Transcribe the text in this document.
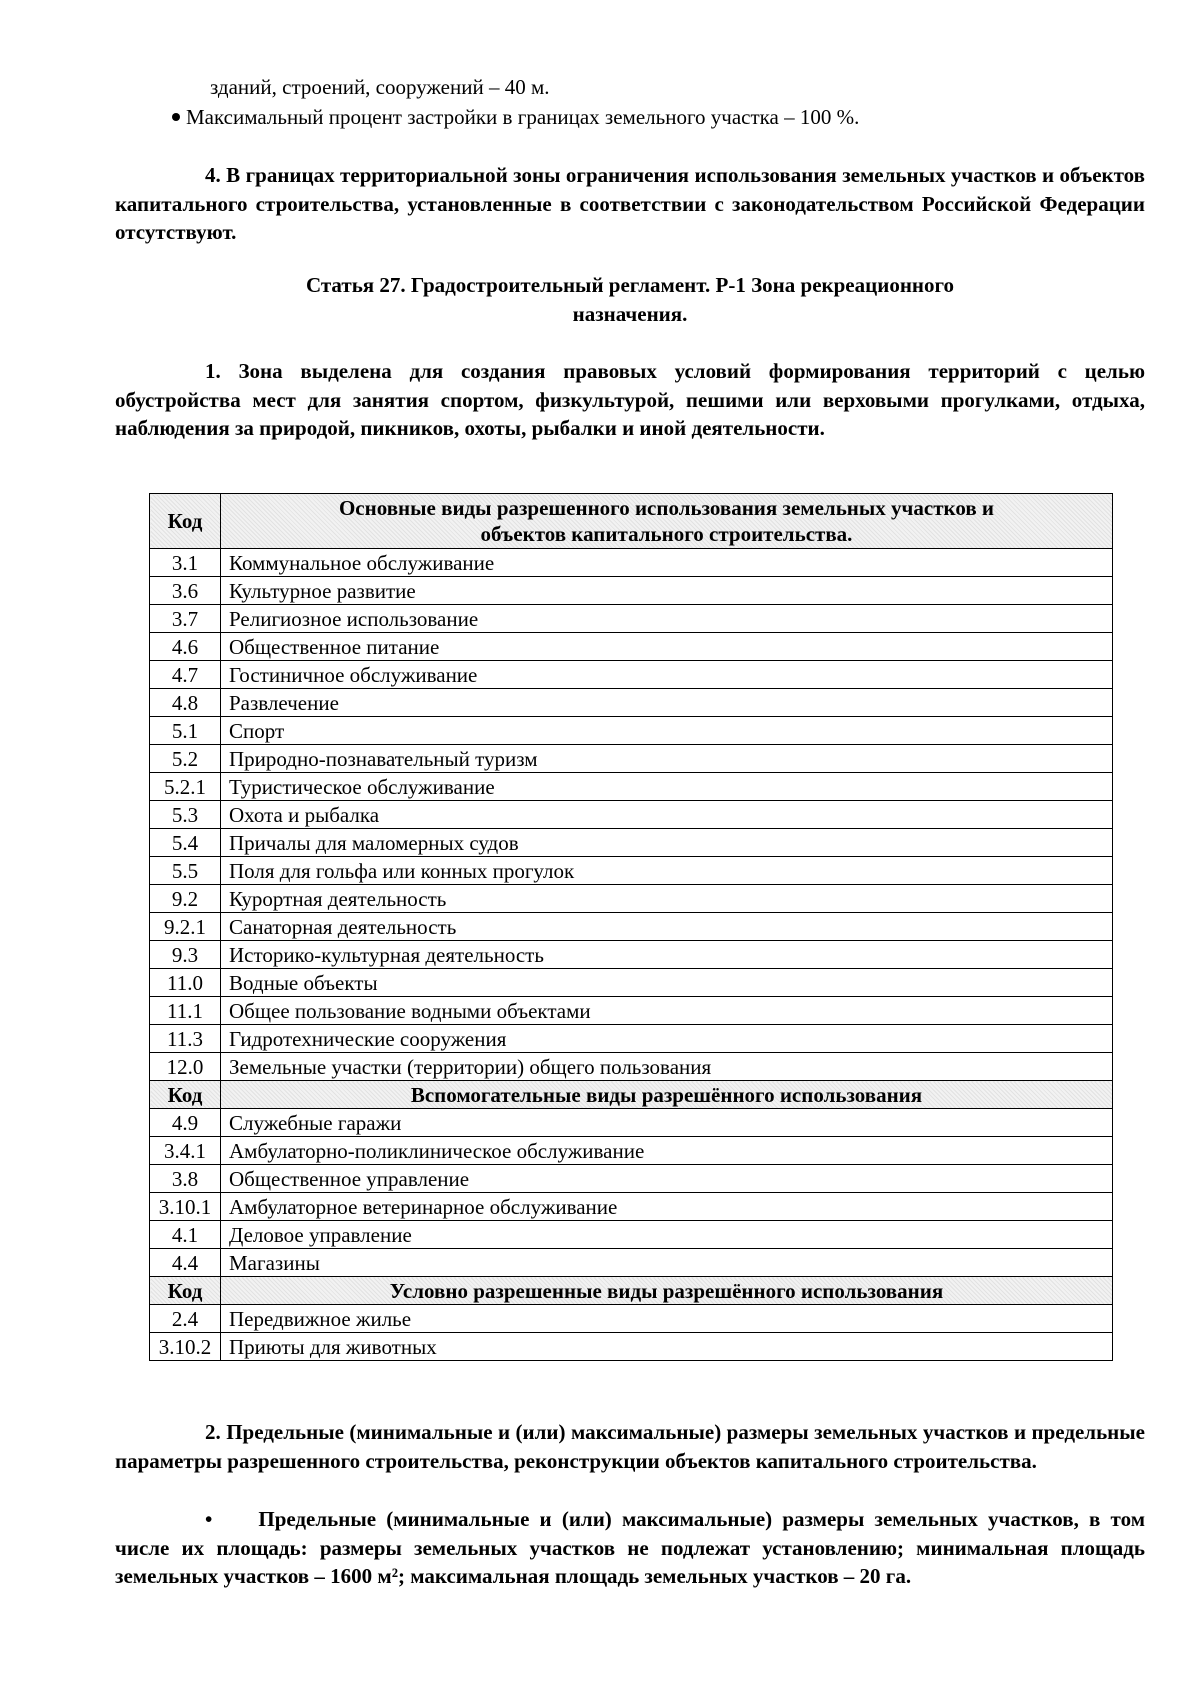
зданий, строений, сооружений – 40 м.
Максимальный процент застройки в границах земельного участка – 100 %.
4. В границах территориальной зоны ограничения использования земельных участков и объектов капитального строительства, установленные в соответствии с законодательством Российской Федерации отсутствуют.
Статья 27. Градостроительный регламент. Р-1 Зона рекреационного
назначения.
1. Зона выделена для создания правовых условий формирования территорий с целью обустройства мест для занятия спортом, физкультурой, пешими или верховыми прогулками, отдыха, наблюдения за природой, пикников, охоты, рыбалки и иной деятельности.
Код	Основные виды разрешенного использования земельных участков и
объектов капитального строительства.

3.1	Коммунальное обслуживание
3.6	Культурное развитие
3.7	Религиозное использование
4.6	Общественное питание
4.7	Гостиничное обслуживание
4.8	Развлечение
5.1	Спорт
5.2	Природно-познавательный туризм
5.2.1	Туристическое обслуживание
5.3	Охота и рыбалка
5.4	Причалы для маломерных судов
5.5	Поля для гольфа или конных прогулок
9.2	Курортная деятельность
9.2.1	Санаторная деятельность
9.3	Историко-культурная деятельность
11.0	Водные объекты
11.1	Общее пользование водными объектами
11.3	Гидротехнические сооружения
12.0	Земельные участки (территории) общего пользования
Код	Вспомогательные виды разрешённого использования
4.9	Служебные гаражи
3.4.1	Амбулаторно-поликлиническое обслуживание
3.8	Общественное управление
3.10.1	Амбулаторное ветеринарное обслуживание
4.1	Деловое управление
4.4	Магазины
Код	Условно разрешенные виды разрешённого использования
2.4	Передвижное жилье
3.10.2	Приюты для животных
2. Предельные (минимальные и (или) максимальные) размеры земельных участков и предельные параметры разрешенного строительства, реконструкции объектов капитального строительства.
• Предельные (минимальные и (или) максимальные) размеры земельных участков, в том числе их площадь: размеры земельных участков не подлежат установлению; минимальная площадь земельных участков – 1600 м²; максимальная площадь земельных участков – 20 га.
